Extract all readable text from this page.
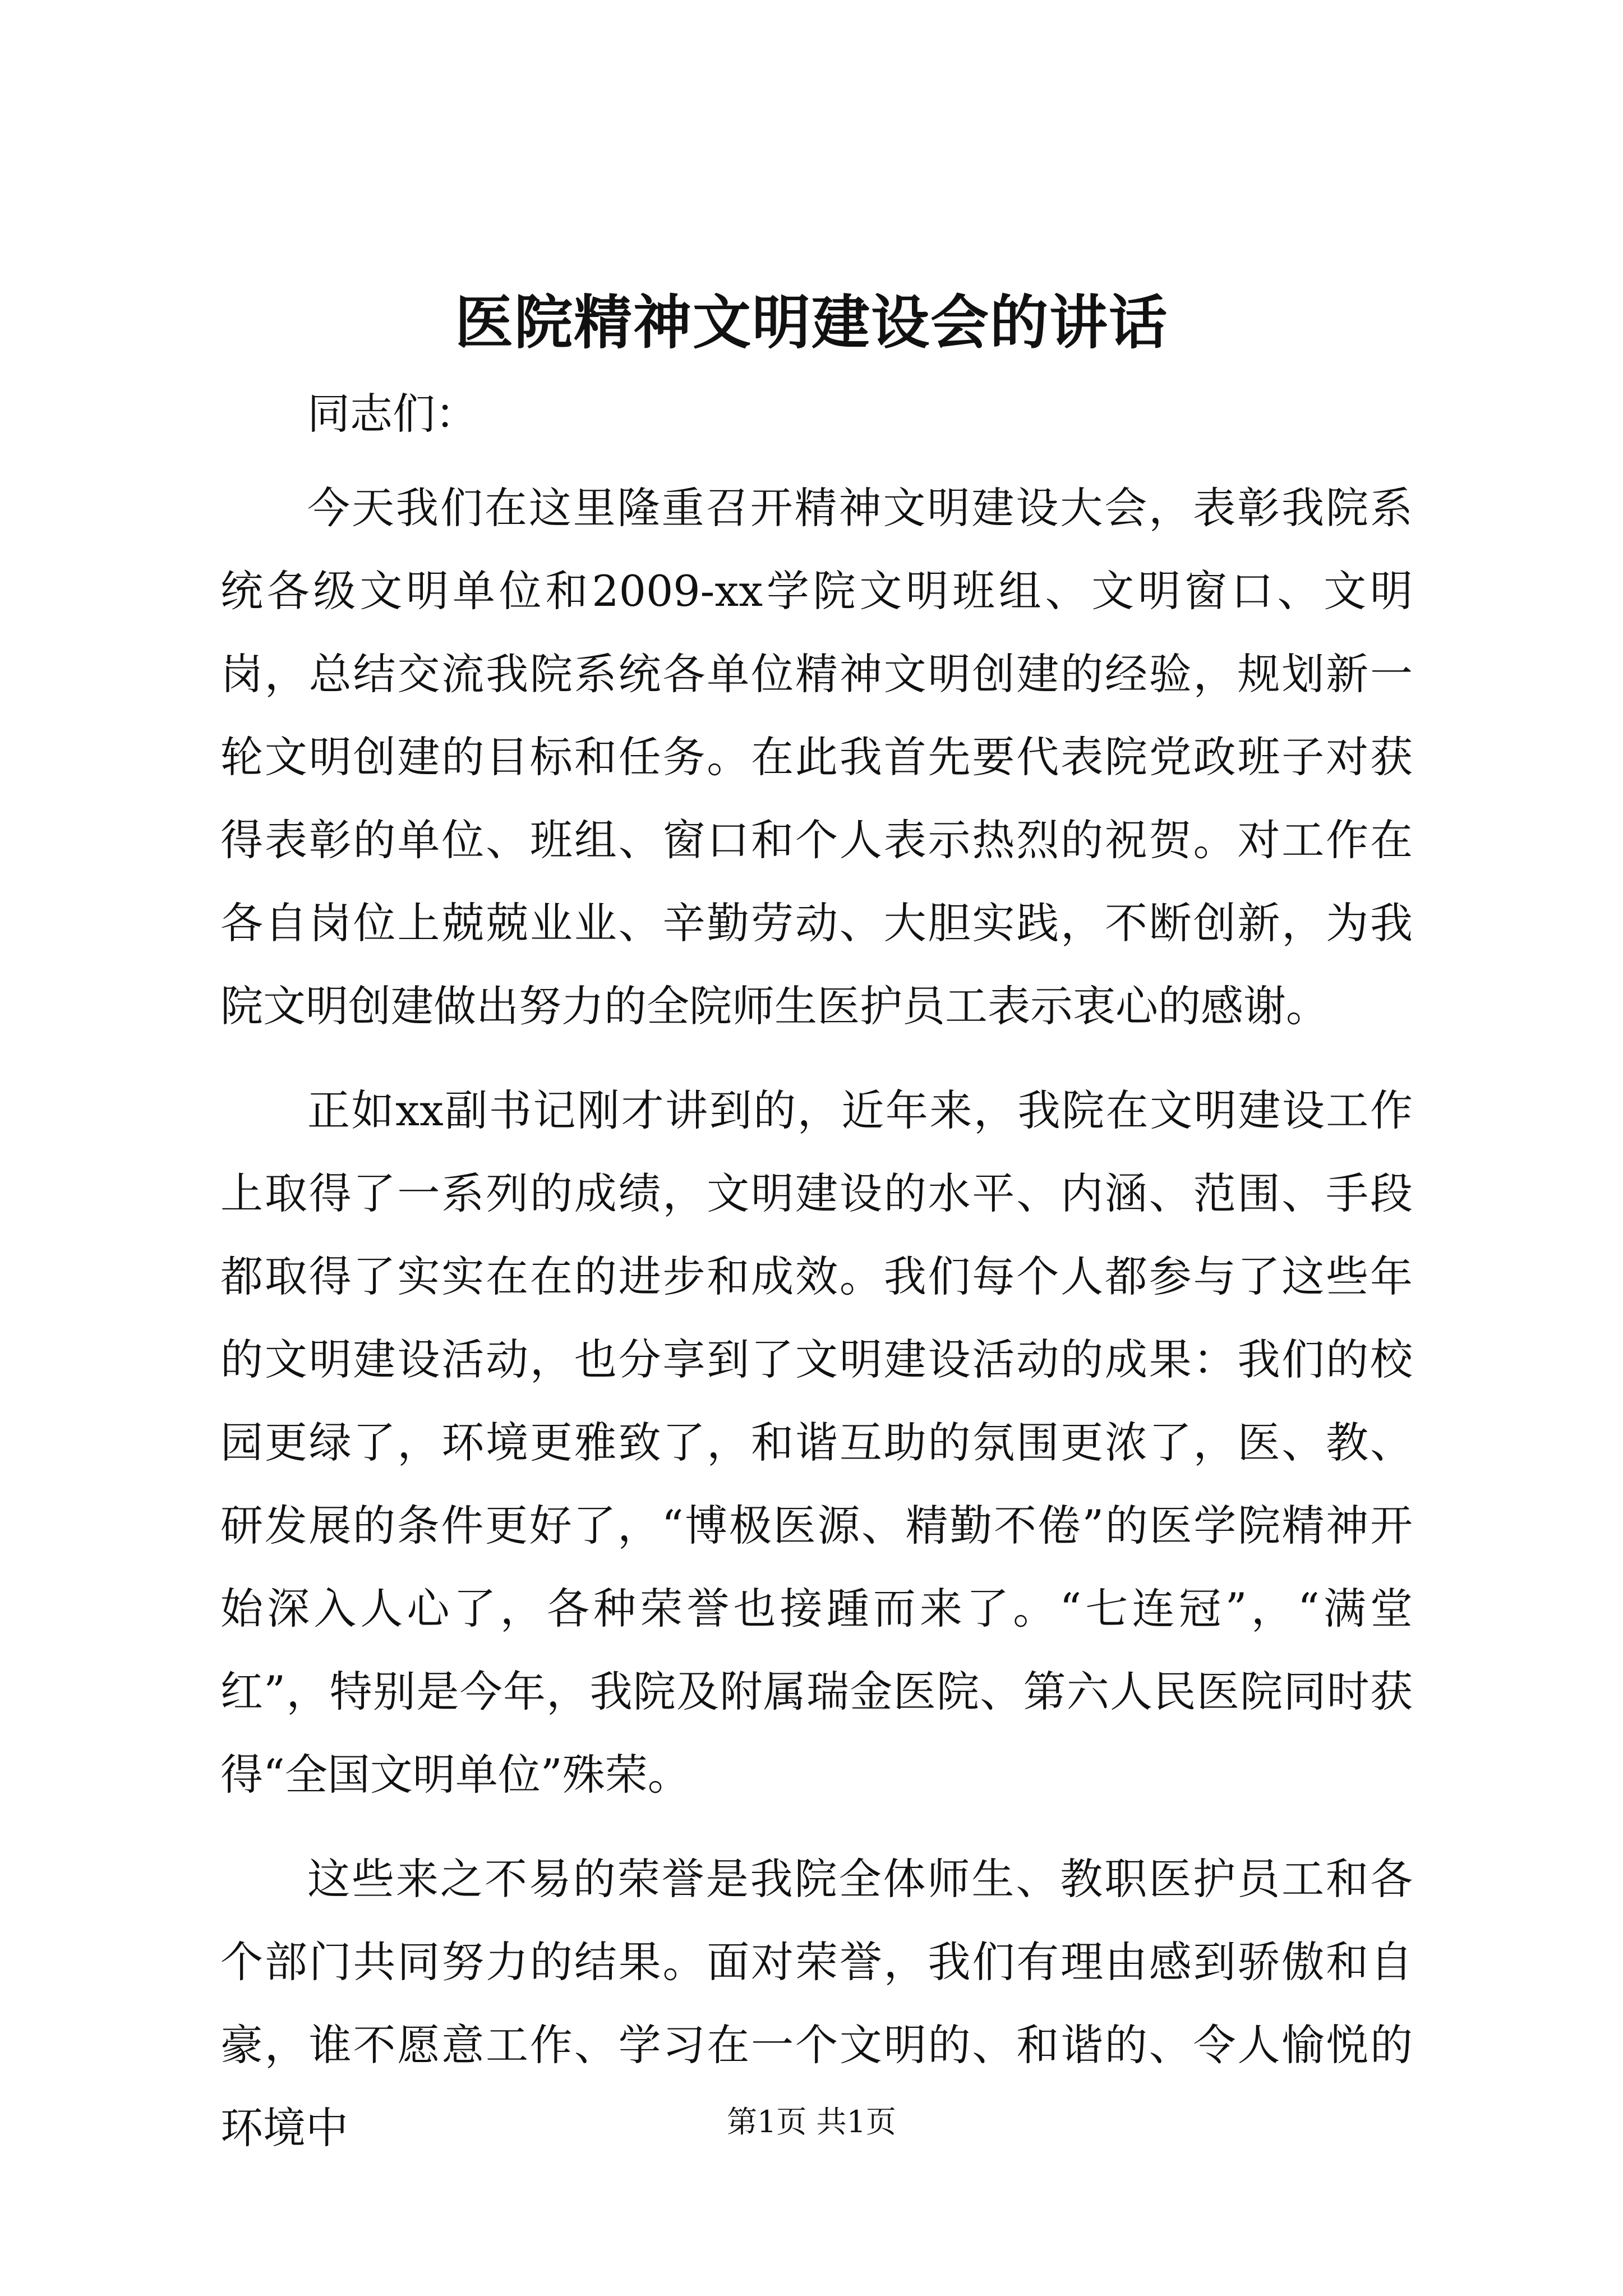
医院精神文明建设会的讲话

同志们：

今天我们在这里隆重召开精神文明建设大会，表彰我院系统各级文明单位和2009-xx学院文明班组、文明窗口、文明岗，总结交流我院系统各单位精神文明创建的经验，规划新一轮文明创建的目标和任务。在此我首先要代表院党政班子对获得表彰的单位、班组、窗口和个人表示热烈的祝贺。对工作在各自岗位上兢兢业业、辛勤劳动、大胆实践，不断创新，为我院文明创建做出努力的全院师生医护员工表示衷心的感谢。

正如xx副书记刚才讲到的，近年来，我院在文明建设工作上取得了一系列的成绩，文明建设的水平、内涵、范围、手段都取得了实实在在的进步和成效。我们每个人都参与了这些年的文明建设活动，也分享到了文明建设活动的成果：我们的校园更绿了，环境更雅致了，和谐互助的氛围更浓了，医、教、研发展的条件更好了，“博极医源、精勤不倦”的医学院精神开始深入人心了，各种荣誉也接踵而来了。“七连冠”，“满堂红”，特别是今年，我院及附属瑞金医院、第六人民医院同时获得“全国文明单位”殊荣。

这些来之不易的荣誉是我院全体师生、教职医护员工和各个部门共同努力的结果。面对荣誉，我们有理由感到骄傲和自豪，谁不愿意工作、学习在一个文明的、和谐的、令人愉悦的环境中	第1页 共1页
